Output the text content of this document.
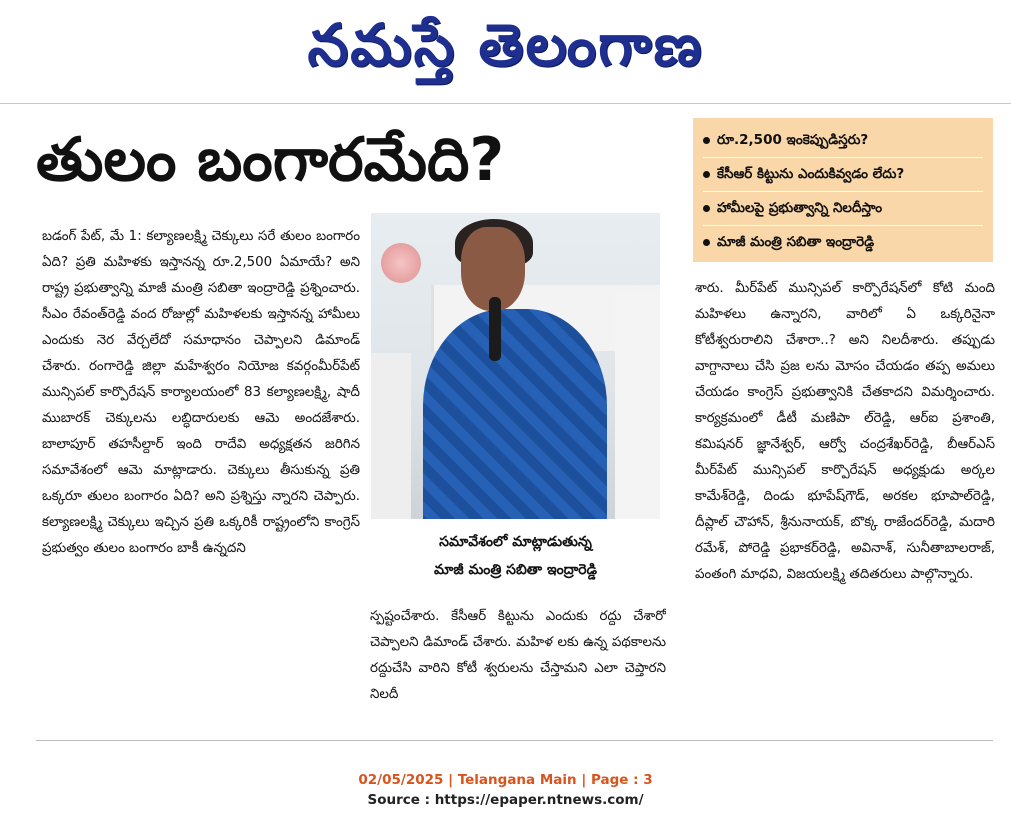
నమస్తే తెలంగాణ
తులం బంగారమేది?	రూ.2,500 ఇంకెప్పుడిస్తరు?
కేసీఆర్ కిట్టును ఎందుకివ్వడం లేదు?
హామీలపై ప్రభుత్వాన్ని నిలదీస్తాం
మాజీ మంత్రి సబితా ఇంద్రారెడ్డి
బడంగ్ పేట్, మే 1: కల్యాణలక్ష్మి చెక్కులు సరే తులం బంగారం ఏది? ప్రతి మహిళకు ఇస్తానన్న రూ.2,500 ఏమాయే? అని రాష్ట్ర ప్రభుత్వాన్ని మాజీ మంత్రి సబితా ఇంద్రారెడ్డి ప్రశ్నించారు. సీఎం రేవంత్‌రెడ్డి వంద రోజుల్లో మహిళలకు ఇస్తానన్న హామీలు ఎందుకు నెర వేర్చలేదో సమాధానం చెప్పాలని డిమాండ్ చేశారు. రంగారెడ్డి జిల్లా మహేశ్వరం నియోజ కవర్గంమీర్‌పేట్ మున్సిపల్ కార్పొరేషన్ కార్యాలయంలో 83 కల్యాణలక్ష్మి, షాదీ ముబారక్ చెక్కులను లబ్ధిదారులకు ఆమె అందజేశారు. బాలాపూర్ తహసీల్దార్ ఇంది రాదేవి అధ్యక్షతన జరిగిన సమావేశంలో ఆమె మాట్లాడారు. చెక్కులు తీసుకున్న ప్రతి ఒక్కరూ తులం బంగారం ఏది? అని ప్రశ్నిస్తు న్నారని చెప్పారు. కల్యాణలక్ష్మి చెక్కులు ఇచ్చిన ప్రతి ఒక్కరికీ రాష్ట్రంలోని కాంగ్రెస్ ప్రభుత్వం తులం బంగారం బాకీ ఉన్నదని	సమావేశంలో మాట్లాడుతున్న
మాజీ మంత్రి సబితా ఇంద్రారెడ్డి
స్పష్టంచేశారు. కేసీఆర్ కిట్టును ఎందుకు రద్దు చేశారో చెప్పాలని డిమాండ్ చేశారు. మహిళ లకు ఉన్న పథకాలను రద్దుచేసి వారిని కోటీ శ్వరులను చేస్తామని ఎలా చెప్తారని నిలదీ
శారు. మీర్‌పేట్ మున్సిపల్ కార్పొరేషన్‌లో కోటి మంది మహిళలు ఉన్నారని, వారిలో ఏ ఒక్కరినైనా కోటీశ్వరురాలిని చేశారా..? అని నిలదీశారు. తప్పుడు వాగ్దానాలు చేసి ప్రజ లను మోసం చేయడం తప్ప అమలు చేయడం కాంగ్రెస్ ప్రభుత్వానికి చేతకాదని విమర్శించారు. కార్యక్రమంలో డీటీ మణిపా ల్‌రెడ్డి, ఆర్ఐ ప్రశాంతి, కమిషనర్ జ్ఞానేశ్వర్, ఆర్వో చంద్రశేఖర్‌రెడ్డి, బీఆర్‌ఎస్ మీర్‌పేట్ మున్సిపల్ కార్పొరేషన్ అధ్యక్షుడు అర్కల కామేశ్‌రెడ్డి, దిండు భూపేష్‌గౌడ్, అరకల భూపాల్‌రెడ్డి, దీప్లాల్ చౌహాన్, శ్రీనునాయక్, బొక్క రాజేందర్‌రెడ్డి, మదారి రమేశ్, పోరెడ్డి ప్రభాకర్‌రెడ్డి, అవినాశ్, సునీతాబాలరాజ్, పంతంగి మాధవి, విజయలక్ష్మి తదితరులు పాల్గొన్నారు.
02/05/2025 | Telangana Main | Page : 3
Source : https://epaper.ntnews.com/
